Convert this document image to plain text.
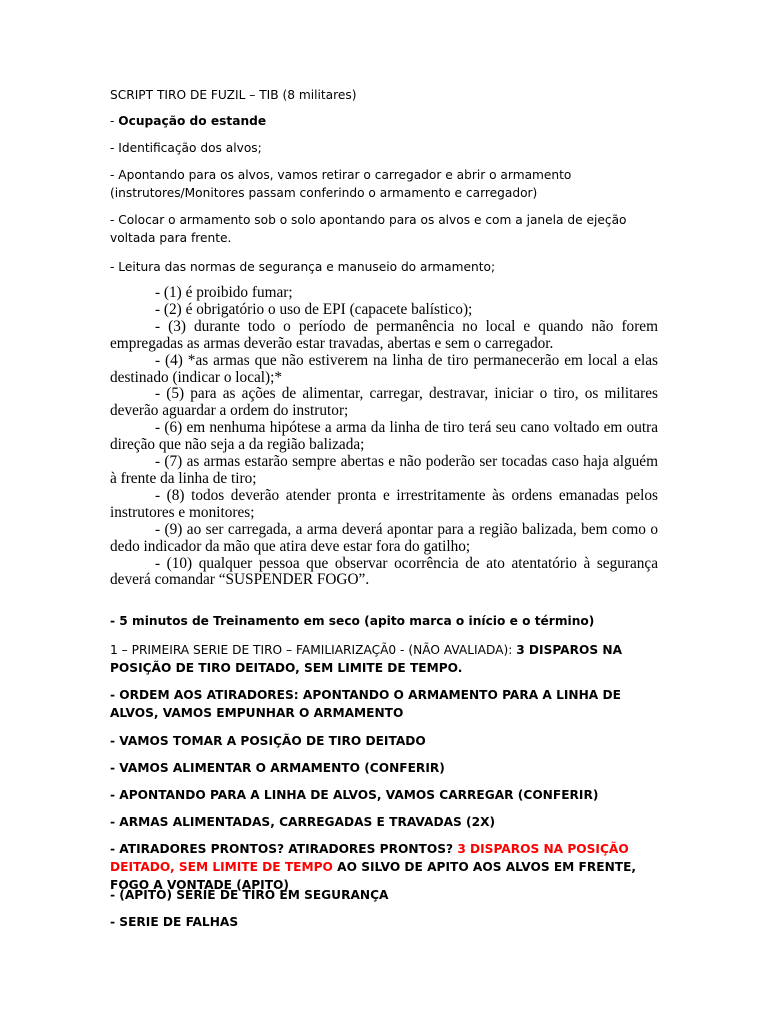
SCRIPT TIRO DE FUZIL – TIB (8 militares)

- Ocupação do estande

- Identificação dos alvos;

- Apontando para os alvos, vamos retirar o carregador e abrir o armamento (instrutores/Monitores passam conferindo o armamento e carregador)

- Colocar o armamento sob o solo apontando para os alvos e com a janela de ejeção voltada para frente.

- Leitura das normas de segurança e manuseio do armamento;

- (1) é proibido fumar;

- (2) é obrigatório o uso de EPI (capacete balístico);

- (3) durante todo o período de permanência no local e quando não forem empregadas as armas deverão estar travadas, abertas e sem o carregador.

- (4) *as armas que não estiverem na linha de tiro permanecerão em local a elas destinado (indicar o local);*

- (5) para as ações de alimentar, carregar, destravar, iniciar o tiro, os militares deverão aguardar a ordem do instrutor;

- (6) em nenhuma hipótese a arma da linha de tiro terá seu cano voltado em outra direção que não seja a da região balizada;

- (7) as armas estarão sempre abertas e não poderão ser tocadas caso haja alguém à frente da linha de tiro;

- (8) todos deverão atender pronta e irrestritamente às ordens emanadas pelos instrutores e monitores;

- (9) ao ser carregada, a arma deverá apontar para a região balizada, bem como o dedo indicador da mão que atira deve estar fora do gatilho;

- (10) qualquer pessoa que observar ocorrência de ato atentatório à segurança deverá comandar “SUSPENDER FOGO”.

- 5 minutos de Treinamento em seco (apito marca o início e o término)

1 – PRIMEIRA SERIE DE TIRO – FAMILIARIZAÇÃ0 - (NÃO AVALIADA): 3 DISPAROS NA POSIÇÃO DE TIRO DEITADO, SEM LIMITE DE TEMPO.

- ORDEM AOS ATIRADORES: APONTANDO O ARMAMENTO PARA A LINHA DE ALVOS, VAMOS EMPUNHAR O ARMAMENTO

- VAMOS TOMAR A POSIÇÃO DE TIRO DEITADO

- VAMOS ALIMENTAR O ARMAMENTO (CONFERIR)

- APONTANDO PARA A LINHA DE ALVOS, VAMOS CARREGAR (CONFERIR)

- ARMAS ALIMENTADAS, CARREGADAS E TRAVADAS (2X)

- ATIRADORES PRONTOS? ATIRADORES PRONTOS? 3 DISPAROS NA POSIÇÃO DEITADO, SEM LIMITE DE TEMPO AO SILVO DE APITO AOS ALVOS EM FRENTE, FOGO A VONTADE (APITO)

- (APITO) SERIE DE TIRO EM SEGURANÇA

- SERIE DE FALHAS
